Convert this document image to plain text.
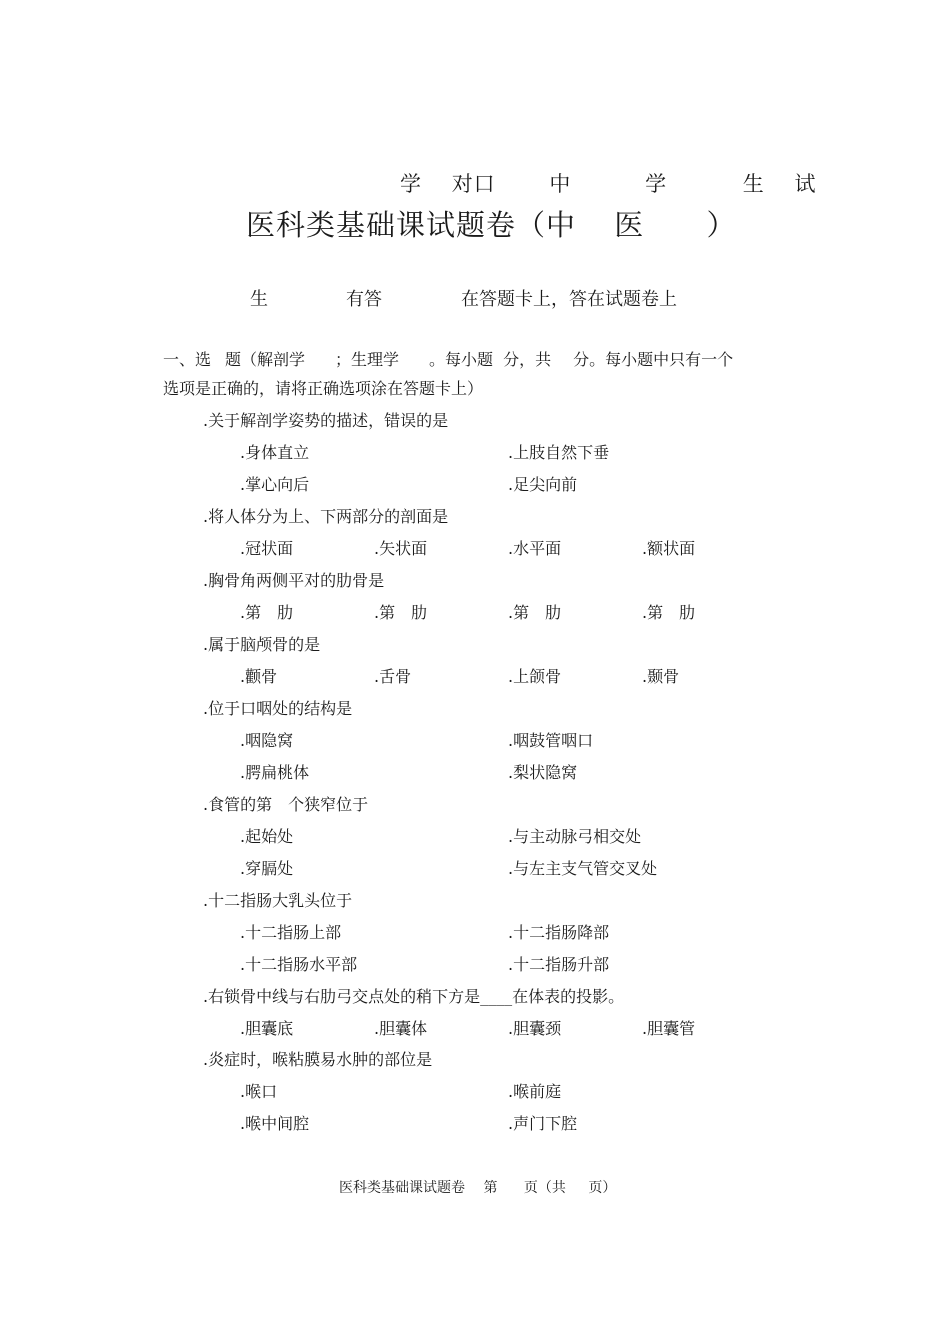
学 对口	中	学	生 试
医科类基础课试题卷（中 医 ）
生	有答	在答题卡上，答在试题卷上
一、选 题（解剖学 ；生理学 。每小题 分，共 分。每小题中只有一个
选项是正确的，请将正确选项涂在答题卡上）
.关于解剖学姿势的描述，错误的是
.身体直立	.上肢自然下垂
.掌心向后	.足尖向前
.将人体分为上、下两部分的剖面是
.冠状面	.矢状面	.水平面	.额状面
.胸骨角两侧平对的肋骨是
.第　肋	.第　肋	.第　肋	.第　肋
.属于脑颅骨的是
.颧骨	.舌骨	.上颌骨	.颞骨
.位于口咽处的结构是
.咽隐窝	.咽鼓管咽口
.腭扁桃体	.梨状隐窝
.食管的第　个狭窄位于
.起始处	.与主动脉弓相交处
.穿膈处	.与左主支气管交叉处
.十二指肠大乳头位于
.十二指肠上部	.十二指肠降部
.十二指肠水平部	.十二指肠升部
.右锁骨中线与右肋弓交点处的稍下方是____在体表的投影。
.胆囊底	.胆囊体	.胆囊颈	.胆囊管
.炎症时，喉粘膜易水肿的部位是
.喉口	.喉前庭
.喉中间腔	.声门下腔
医科类基础课试题卷 第 页（共 页）
